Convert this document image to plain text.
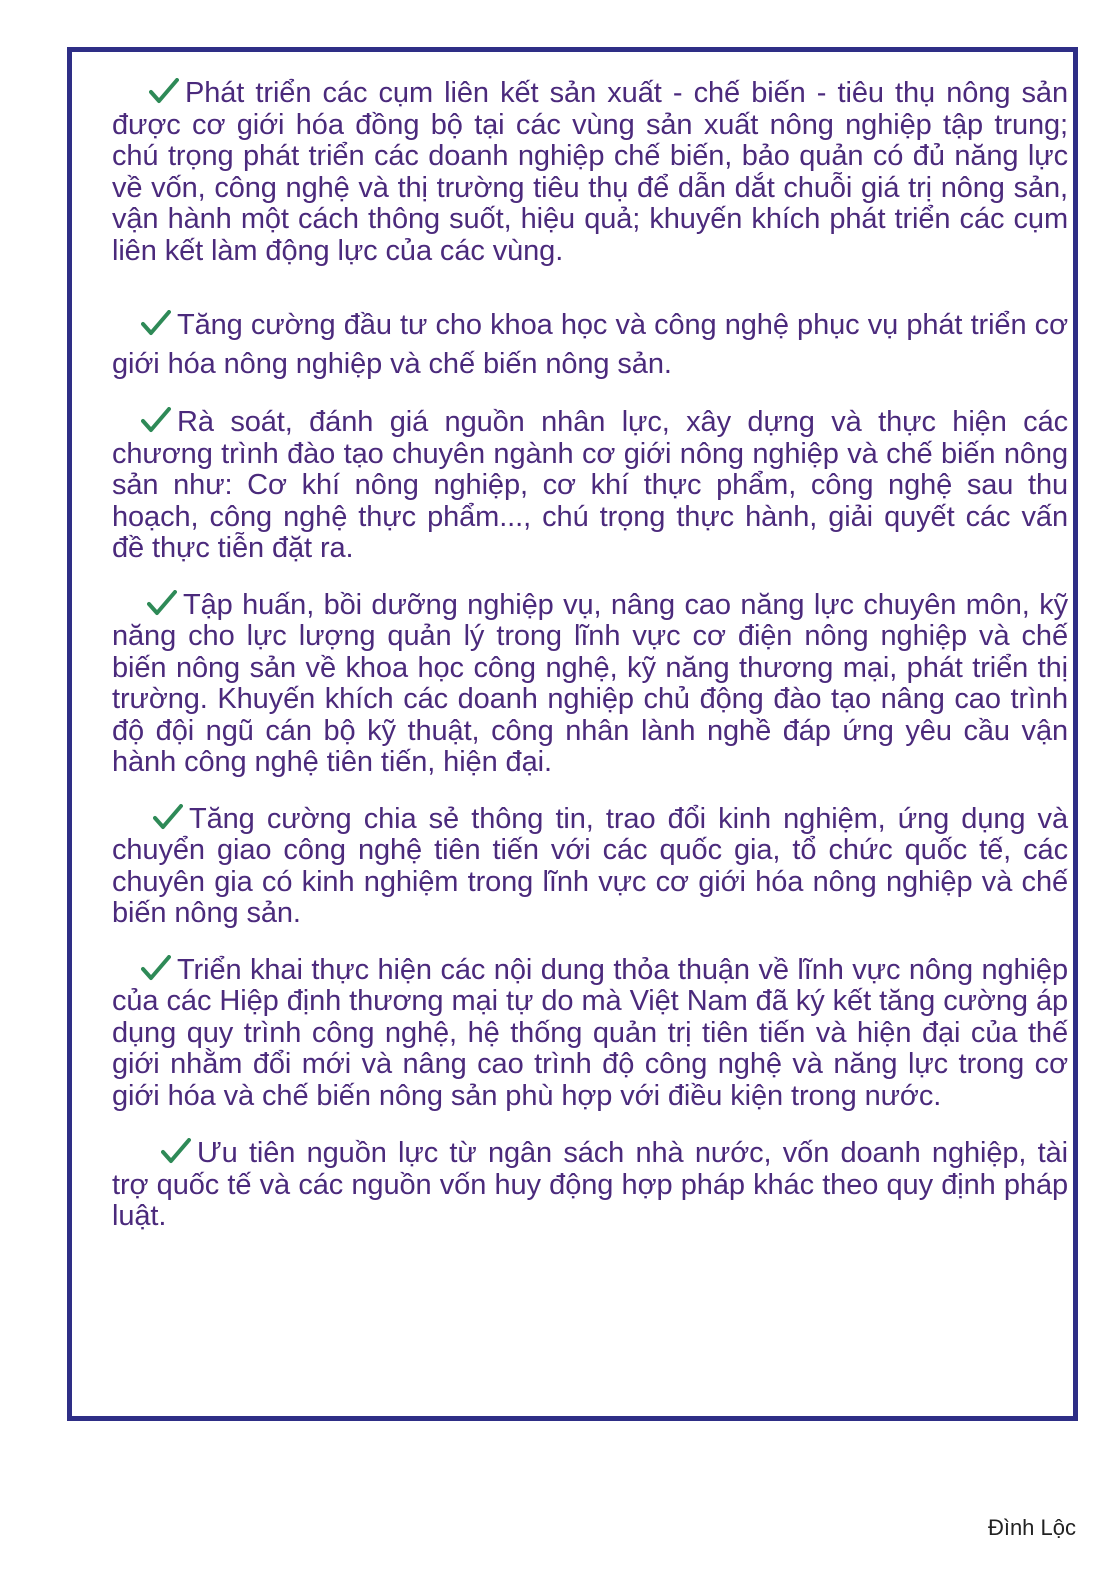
Phát triển các cụm liên kết sản xuất - chế biến - tiêu thụ nông sản được cơ giới hóa đồng bộ tại các vùng sản xuất nông nghiệp tập trung; chú trọng phát triển các doanh nghiệp chế biến, bảo quản có đủ năng lực về vốn, công nghệ và thị trường tiêu thụ để dẫn dắt chuỗi giá trị nông sản, vận hành một cách thông suốt, hiệu quả; khuyến khích phát triển các cụm liên kết làm động lực của các vùng.

Tăng cường đầu tư cho khoa học và công nghệ phục vụ phát triển cơ giới hóa nông nghiệp và chế biến nông sản.

Rà soát, đánh giá nguồn nhân lực, xây dựng và thực hiện các chương trình đào tạo chuyên ngành cơ giới nông nghiệp và chế biến nông sản như: Cơ khí nông nghiệp, cơ khí thực phẩm, công nghệ sau thu hoạch, công nghệ thực phẩm..., chú trọng thực hành, giải quyết các vấn đề thực tiễn đặt ra.

Tập huấn, bồi dưỡng nghiệp vụ, nâng cao năng lực chuyên môn, kỹ năng cho lực lượng quản lý trong lĩnh vực cơ điện nông nghiệp và chế biến nông sản về khoa học công nghệ, kỹ năng thương mại, phát triển thị trường. Khuyến khích các doanh nghiệp chủ động đào tạo nâng cao trình độ đội ngũ cán bộ kỹ thuật, công nhân lành nghề đáp ứng yêu cầu vận hành công nghệ tiên tiến, hiện đại.

Tăng cường chia sẻ thông tin, trao đổi kinh nghiệm, ứng dụng và chuyển giao công nghệ tiên tiến với các quốc gia, tổ chức quốc tế, các chuyên gia có kinh nghiệm trong lĩnh vực cơ giới hóa nông nghiệp và chế biến nông sản.

Triển khai thực hiện các nội dung thỏa thuận về lĩnh vực nông nghiệp của các Hiệp định thương mại tự do mà Việt Nam đã ký kết tăng cường áp dụng quy trình công nghệ, hệ thống quản trị tiên tiến và hiện đại của thế giới nhằm đổi mới và nâng cao trình độ công nghệ và năng lực trong cơ giới hóa và chế biến nông sản phù hợp với điều kiện trong nước.

Ưu tiên nguồn lực từ ngân sách nhà nước, vốn doanh nghiệp, tài trợ quốc tế và các nguồn vốn huy động hợp pháp khác theo quy định pháp luật.

Đình Lộc
